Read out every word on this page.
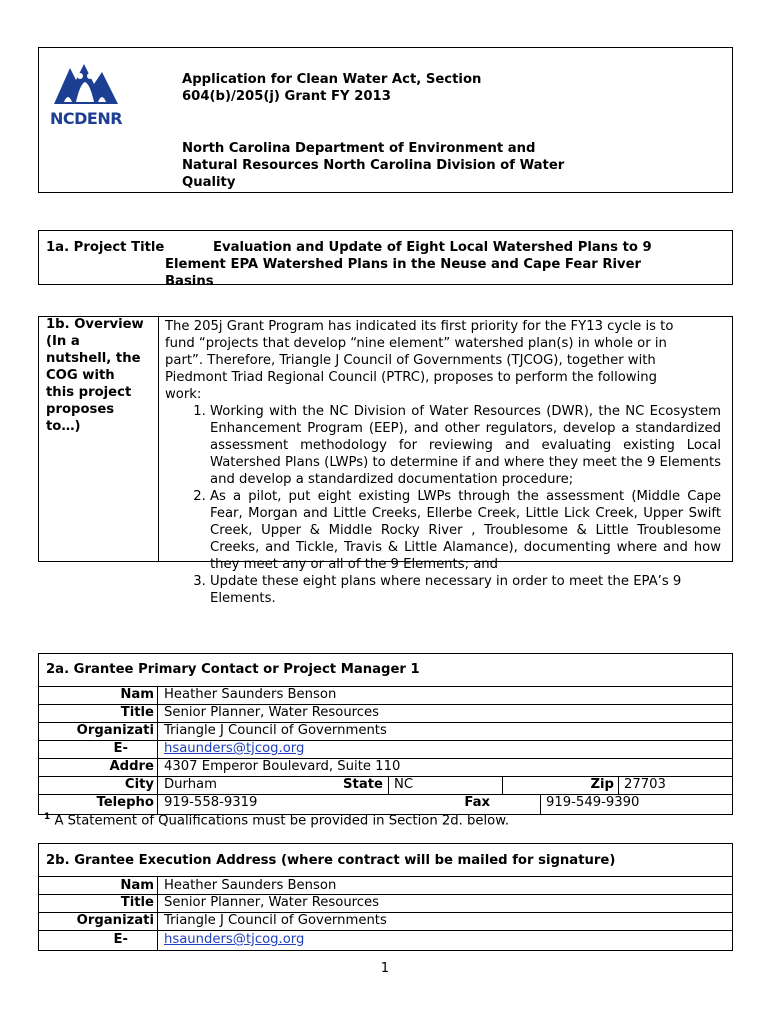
NCDENR
Application for Clean Water Act, Section
604(b)/205(j) Grant FY 2013
North Carolina Department of Environment and
Natural Resources North Carolina Division of Water
Quality
1a. Project Title	Evaluation and Update of Eight Local Watershed Plans to 9
Element EPA Watershed Plans in the Neuse and Cape Fear River
Basins
1b. Overview
(In a
nutshell, the
COG with
this project
proposes
to…)
The 205j Grant Program has indicated its first priority for the FY13 cycle is to
fund “projects that develop “nine element” watershed plan(s) in whole or in
part”. Therefore, Triangle J Council of Governments (TJCOG), together with
Piedmont Triad Regional Council (PTRC), proposes to perform the following
work:
1. Working with the NC Division of Water Resources (DWR), the NC Ecosystem Enhancement Program (EEP), and other regulators, develop a standardized assessment methodology for reviewing and evaluating existing Local Watershed Plans (LWPs) to determine if and where they meet the 9 Elements and develop a standardized documentation procedure;
2. As a pilot, put eight existing LWPs through the assessment (Middle Cape Fear, Morgan and Little Creeks, Ellerbe Creek, Little Lick Creek, Upper Swift Creek, Upper & Middle Rocky River , Troublesome & Little Troublesome Creeks, and Tickle, Travis & Little Alamance), documenting where and how they meet any or all of the 9 Elements; and
3. Update these eight plans where necessary in order to meet the EPA’s 9 Elements.
2a. Grantee Primary Contact or Project Manager 1
Nam Heather Saunders Benson
Title Senior Planner, Water Resources
Organizati Triangle J Council of Governments
E-	hsaunders@tjcog.org
Addre 4307 Emperor Boulevard, Suite 110
City Durham	State NC	Zip 27703
Telepho 919-558-9319	Fax	919-549-9390
$^1$ A Statement of Qualifications must be provided in Section 2d. below.
2b. Grantee Execution Address (where contract will be mailed for signature)
Nam Heather Saunders Benson
Title Senior Planner, Water Resources
Organizati Triangle J Council of Governments
E-	hsaunders@tjcog.org
1
